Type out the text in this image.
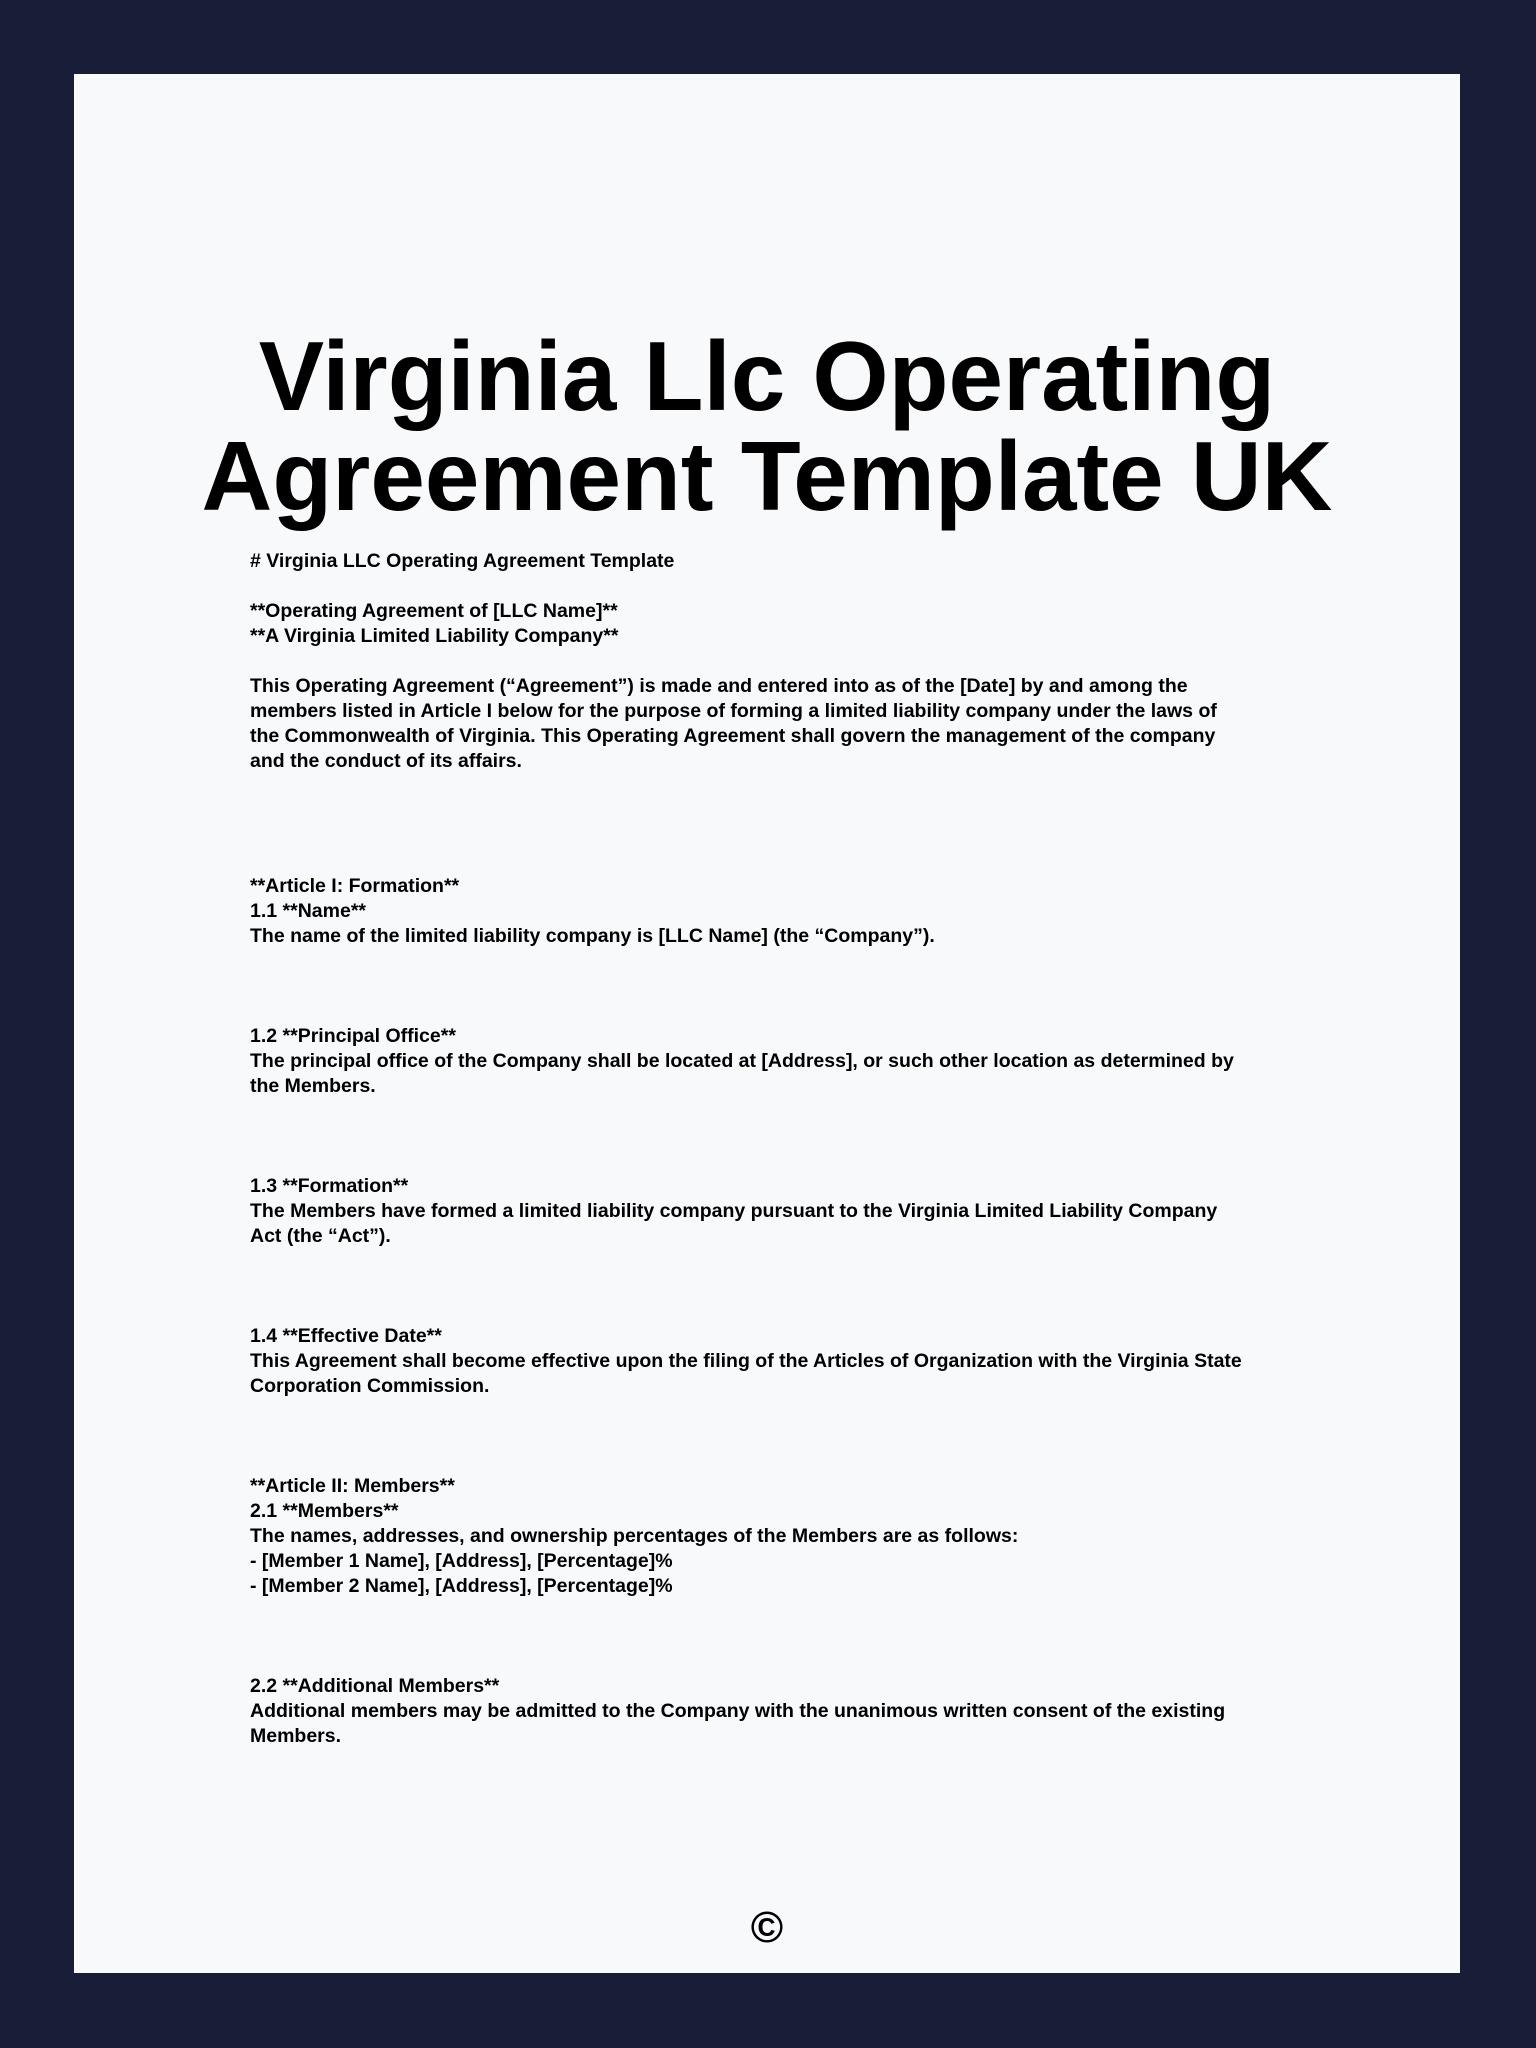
Virginia Llc Operating
Agreement Template UK
# Virginia LLC Operating Agreement Template
**Operating Agreement of [LLC Name]**
**A Virginia Limited Liability Company**
This Operating Agreement (“Agreement”) is made and entered into as of the [Date] by and among the
members listed in Article I below for the purpose of forming a limited liability company under the laws of
the Commonwealth of Virginia. This Operating Agreement shall govern the management of the company
and the conduct of its affairs.
**Article I: Formation**
1.1 **Name**
The name of the limited liability company is [LLC Name] (the “Company”).
1.2 **Principal Office**
The principal office of the Company shall be located at [Address], or such other location as determined by
the Members.
1.3 **Formation**
The Members have formed a limited liability company pursuant to the Virginia Limited Liability Company
Act (the “Act”).
1.4 **Effective Date**
This Agreement shall become effective upon the filing of the Articles of Organization with the Virginia State
Corporation Commission.
**Article II: Members**
2.1 **Members**
The names, addresses, and ownership percentages of the Members are as follows:
- [Member 1 Name], [Address], [Percentage]%
- [Member 2 Name], [Address], [Percentage]%
2.2 **Additional Members**
Additional members may be admitted to the Company with the unanimous written consent of the existing
Members.
©
